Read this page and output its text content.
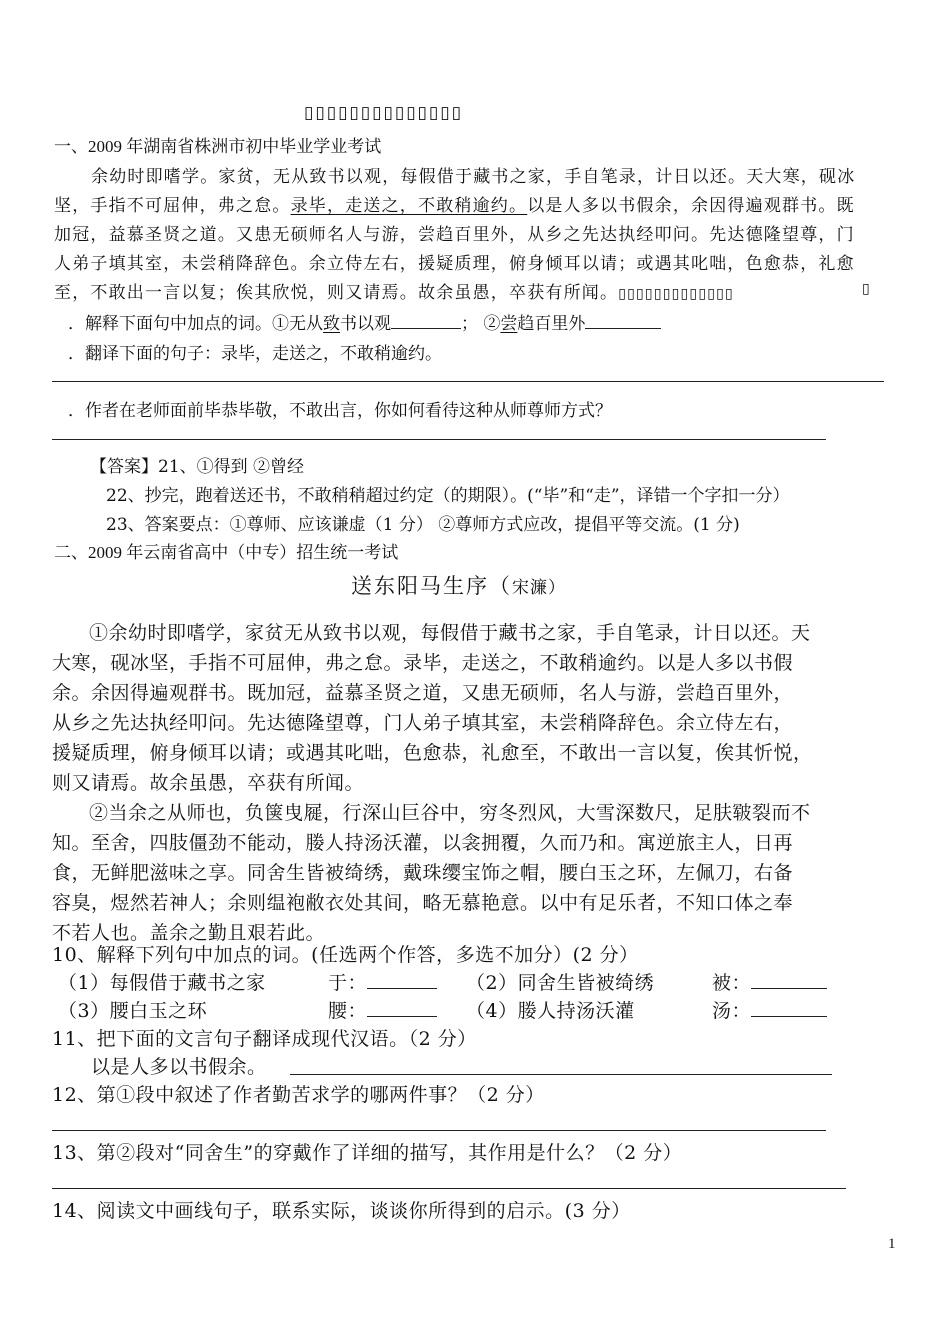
▯▯▯▯▯▯▯▯▯▯▯▯▯▯
一、2009 年湖南省株洲市初中毕业学业考试
余幼时即嗜学。家贫，无从致书以观，每假借于藏书之家，手自笔录，计日以还。天大寒，砚冰
坚，手指不可屈伸，弗之怠。录毕，走送之，不敢稍逾约。以是人多以书假余，余因得遍观群书。既
加冠，益慕圣贤之道。又患无硕师名人与游，尝趋百里外，从乡之先达执经叩问。先达德隆望尊，门
人弟子填其室，未尝稍降辞色。余立侍左右，援疑质理，俯身倾耳以请；或遇其叱咄，色愈恭，礼愈
至，不敢出一言以复；俟其欣悦，则又请焉。故余虽愚，卒获有所闻。▯▯▯▯▯▯▯▯▯▯▯▯▯	▯
．解释下面句中加点的词。①无从致书以观	； ②尝趋百里外
．翻译下面的句子：录毕，走送之，不敢稍逾约。
．作者在老师面前毕恭毕敬，不敢出言，你如何看待这种从师尊师方式？
【答案】21、①得到 ②曾经
22、抄完，跑着送还书，不敢稍稍超过约定（的期限）。(“毕”和“走”，译错一个字扣一分）
23、答案要点：①尊师、应该谦虚（1 分） ②尊师方式应改，提倡平等交流。(1 分)
二、2009 年云南省高中（中专）招生统一考试
送东阳马生序（宋濂）
①余幼时即嗜学，家贫无从致书以观，每假借于藏书之家，手自笔录，计日以还。天
大寒，砚冰坚，手指不可屈伸，弗之怠。录毕，走送之，不敢稍逾约。以是人多以书假
余。余因得遍观群书。既加冠，益慕圣贤之道，又患无硕师，名人与游，尝趋百里外，
从乡之先达执经叩问。先达德隆望尊，门人弟子填其室，未尝稍降辞色。余立侍左右，
援疑质理，俯身倾耳以请；或遇其叱咄，色愈恭，礼愈至，不敢出一言以复，俟其忻悦，
则又请焉。故余虽愚，卒获有所闻。
②当余之从师也，负箧曳屣，行深山巨谷中，穷冬烈风，大雪深数尺，足肤皲裂而不
知。至舍，四肢僵劲不能动，媵人持汤沃灌，以衾拥覆，久而乃和。寓逆旅主人，日再
食，无鲜肥滋味之享。同舍生皆被绮绣，戴珠缨宝饰之帽，腰白玉之环，左佩刀，右备
容臭，煜然若神人；余则缊袍敝衣处其间，略无慕艳意。以中有足乐者，不知口体之奉
不若人也。盖余之勤且艰若此。
10、解释下列句中加点的词。(任选两个作答，多选不加分）(2 分）
（1）每假借于藏书之家	于：	（2）同舍生皆被绮绣	被：
（3）腰白玉之环	腰：	（4）媵人持汤沃灌	汤：
11、把下面的文言句子翻译成现代汉语。（2 分）
以是人多以书假余。
12、第①段中叙述了作者勤苦求学的哪两件事？（2 分）
13、第②段对“同舍生”的穿戴作了详细的描写，其作用是什么？（2 分）
14、阅读文中画线句子，联系实际，谈谈你所得到的启示。(3 分）
1
